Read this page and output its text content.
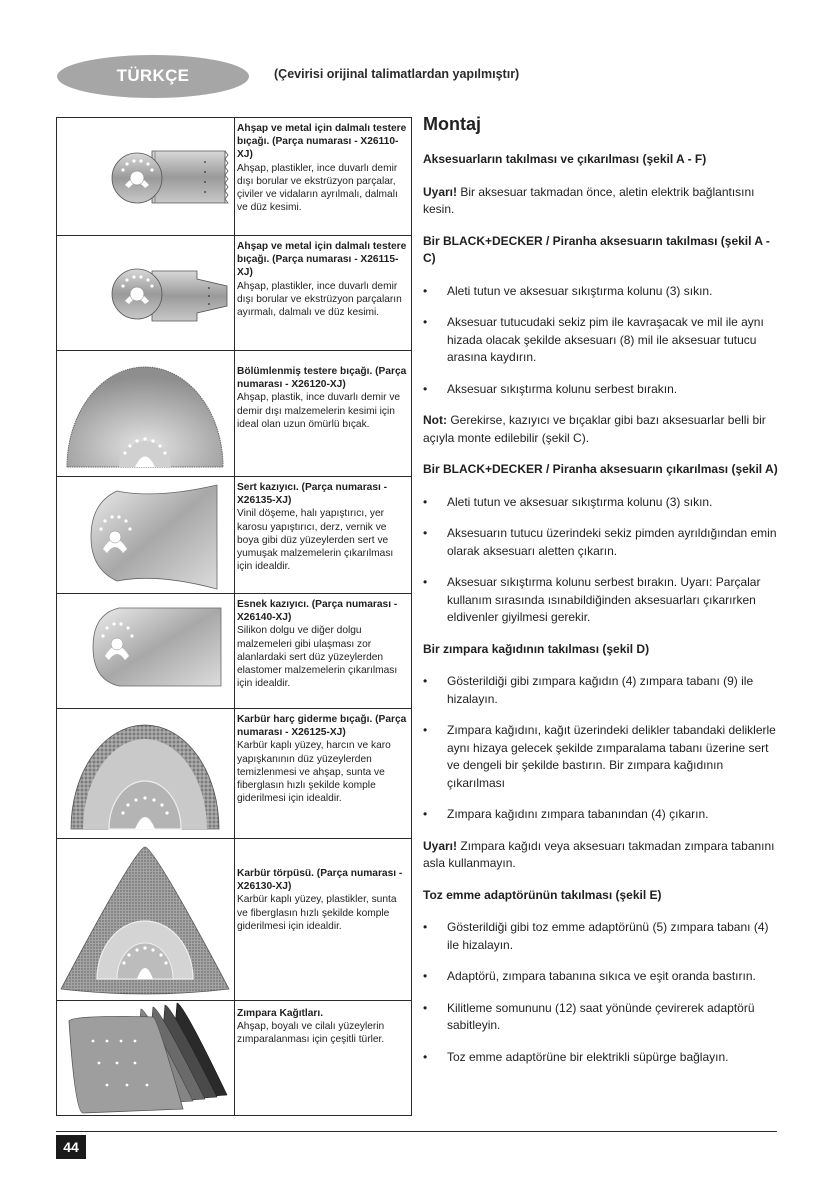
TÜRKÇE	(Çevirisi orijinal talimatlardan yapılmıştır)
Ahşap ve metal için dalmalı testere bıçağı. (Parça numarası - X26110-XJ)
Ahşap, plastikler, ince duvarlı demir dışı borular ve ekstrüzyon parçalar, çiviler ve vidaların ayrılmalı, dalmalı ve düz kesimi.
Ahşap ve metal için dalmalı testere bıçağı. (Parça numarası - X26115-XJ)
Ahşap, plastikler, ince duvarlı demir dışı borular ve ekstrüzyon parçaların ayırmalı, dalmalı ve düz kesimi.
Bölümlenmiş testere bıçağı. (Parça numarası - X26120-XJ)
Ahşap, plastik, ince duvarlı demir ve demir dışı malzemelerin kesimi için ideal olan uzun ömürlü bıçak.
Sert kazıyıcı. (Parça numarası -X26135-XJ)
Vinil döşeme, halı yapıştırıcı, yer karosu yapıştırıcı, derz, vernik ve boya gibi düz yüzeylerden sert ve yumuşak malzemelerin çıkarılması için idealdir.
Esnek kazıyıcı. (Parça numarası - X26140-XJ)
Silikon dolgu ve diğer dolgu malzemeleri gibi ulaşması zor alanlardaki sert düz yüzeylerden elastomer malzemelerin çıkarılması için idealdir.
Karbür harç giderme bıçağı. (Parça numarası - X26125-XJ)
Karbür kaplı yüzey, harcın ve karo yapışkanının düz yüzeylerden temizlenmesi ve ahşap, sunta ve fiberglasın hızlı şekilde komple giderilmesi için idealdir.
Karbür törpüsü. (Parça numarası - X26130-XJ)
Karbür kaplı yüzey, plastikler, sunta ve fiberglasın hızlı şekilde komple giderilmesi için idealdir.
Zımpara Kağıtları.
Ahşap, boyalı ve cilalı yüzeylerin zımparalanması için çeşitli türler.
Montaj
Aksesuarların takılması ve çıkarılması (şekil A - F)

Uyarı! Bir aksesuar takmadan önce, aletin elektrik bağlantısını kesin.

Bir BLACK+DECKER / Piranha aksesuarın takılması (şekil A - C)
• Aleti tutun ve aksesuar sıkıştırma kolunu (3) sıkın.
• Aksesuar tutucudaki sekiz pim ile kavraşacak ve mil ile aynı hizada olacak şekilde aksesuarı (8) mil ile aksesuar tutucu arasına kaydırın.
• Aksesuar sıkıştırma kolunu serbest bırakın.

Not: Gerekirse, kazıyıcı ve bıçaklar gibi bazı aksesuarlar belli bir açıyla monte edilebilir (şekil C).

Bir BLACK+DECKER / Piranha aksesuarın çıkarılması (şekil A)
• Aleti tutun ve aksesuar sıkıştırma kolunu (3) sıkın.
• Aksesuarın tutucu üzerindeki sekiz pimden ayrıldığından emin olarak aksesuarı aletten çıkarın.
• Aksesuar sıkıştırma kolunu serbest bırakın. Uyarı: Parçalar kullanım sırasında ısınabildiğinden aksesuarları çıkarırken eldivenler giyilmesi gerekir.
Bir zımpara kağıdının takılması (şekil D)
• Gösterildiği gibi zımpara kağıdın (4) zımpara tabanı (9) ile hizalayın.
• Zımpara kağıdını, kağıt üzerindeki delikler tabandaki deliklerle aynı hizaya gelecek şekilde zımparalama tabanı üzerine sert ve dengeli bir şekilde bastırın. Bir zımpara kağıdının çıkarılması
• Zımpara kağıdını zımpara tabanından (4) çıkarın.

Uyarı! Zımpara kağıdı veya aksesuarı takmadan zımpara tabanını asla kullanmayın.

Toz emme adaptörünün takılması (şekil E)
• Gösterildiği gibi toz emme adaptörünü (5) zımpara tabanı (4) ile hizalayın.
• Adaptörü, zımpara tabanına sıkıca ve eşit oranda bastırın.
• Kilitleme somununu (12) saat yönünde çevirerek adaptörü sabitleyin.
• Toz emme adaptörüne bir elektrikli süpürge bağlayın.
44
